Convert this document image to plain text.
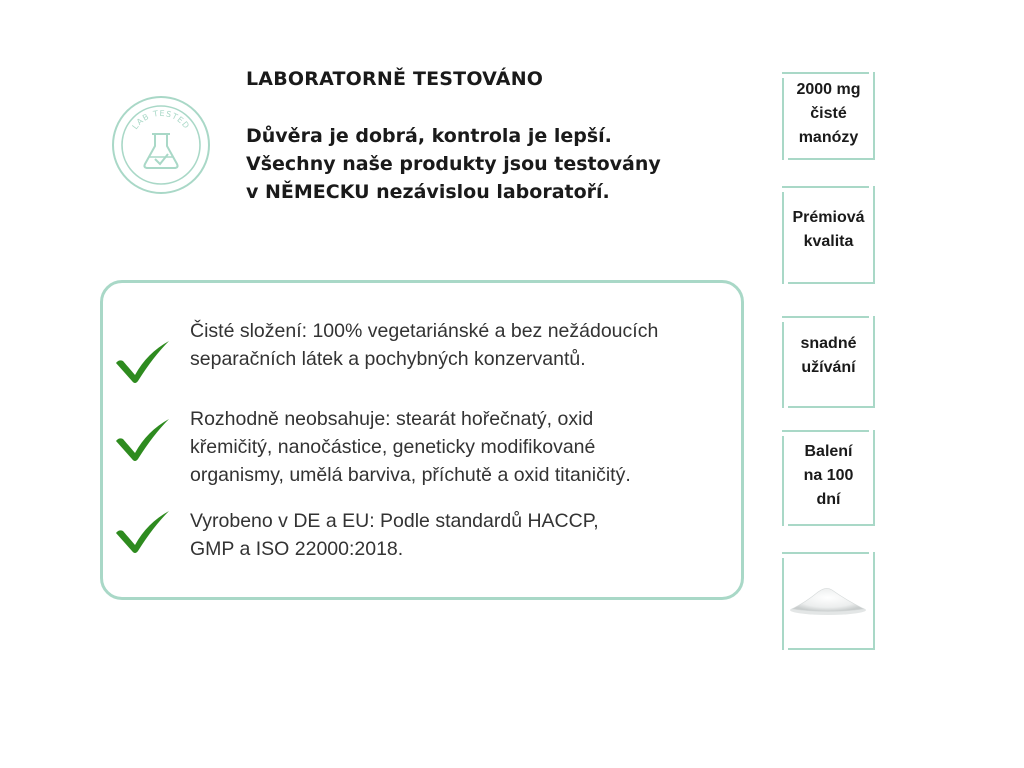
LAB TESTED
LABORATORNĚ TESTOVÁNO

Důvěra je dobrá, kontrola je lepší.
Všechny naše produkty jsou testovány
v NĚMECKU nezávislou laboratoří.

Čisté složení: 100% vegetariánské a bez nežádoucích
separačních látek a pochybných konzervantů.
Rozhodně neobsahuje: stearát hořečnatý, oxid
křemičitý, nanočástice, geneticky modifikované
organismy, umělá barviva, příchutě a oxid titaničitý.
Vyrobeno v DE a EU: Podle standardů HACCP,
GMP a ISO 22000:2018.
2000 mg
čisté
manózy
Prémiová
kvalita
snadné
užívání
Balení
na 100
dní
